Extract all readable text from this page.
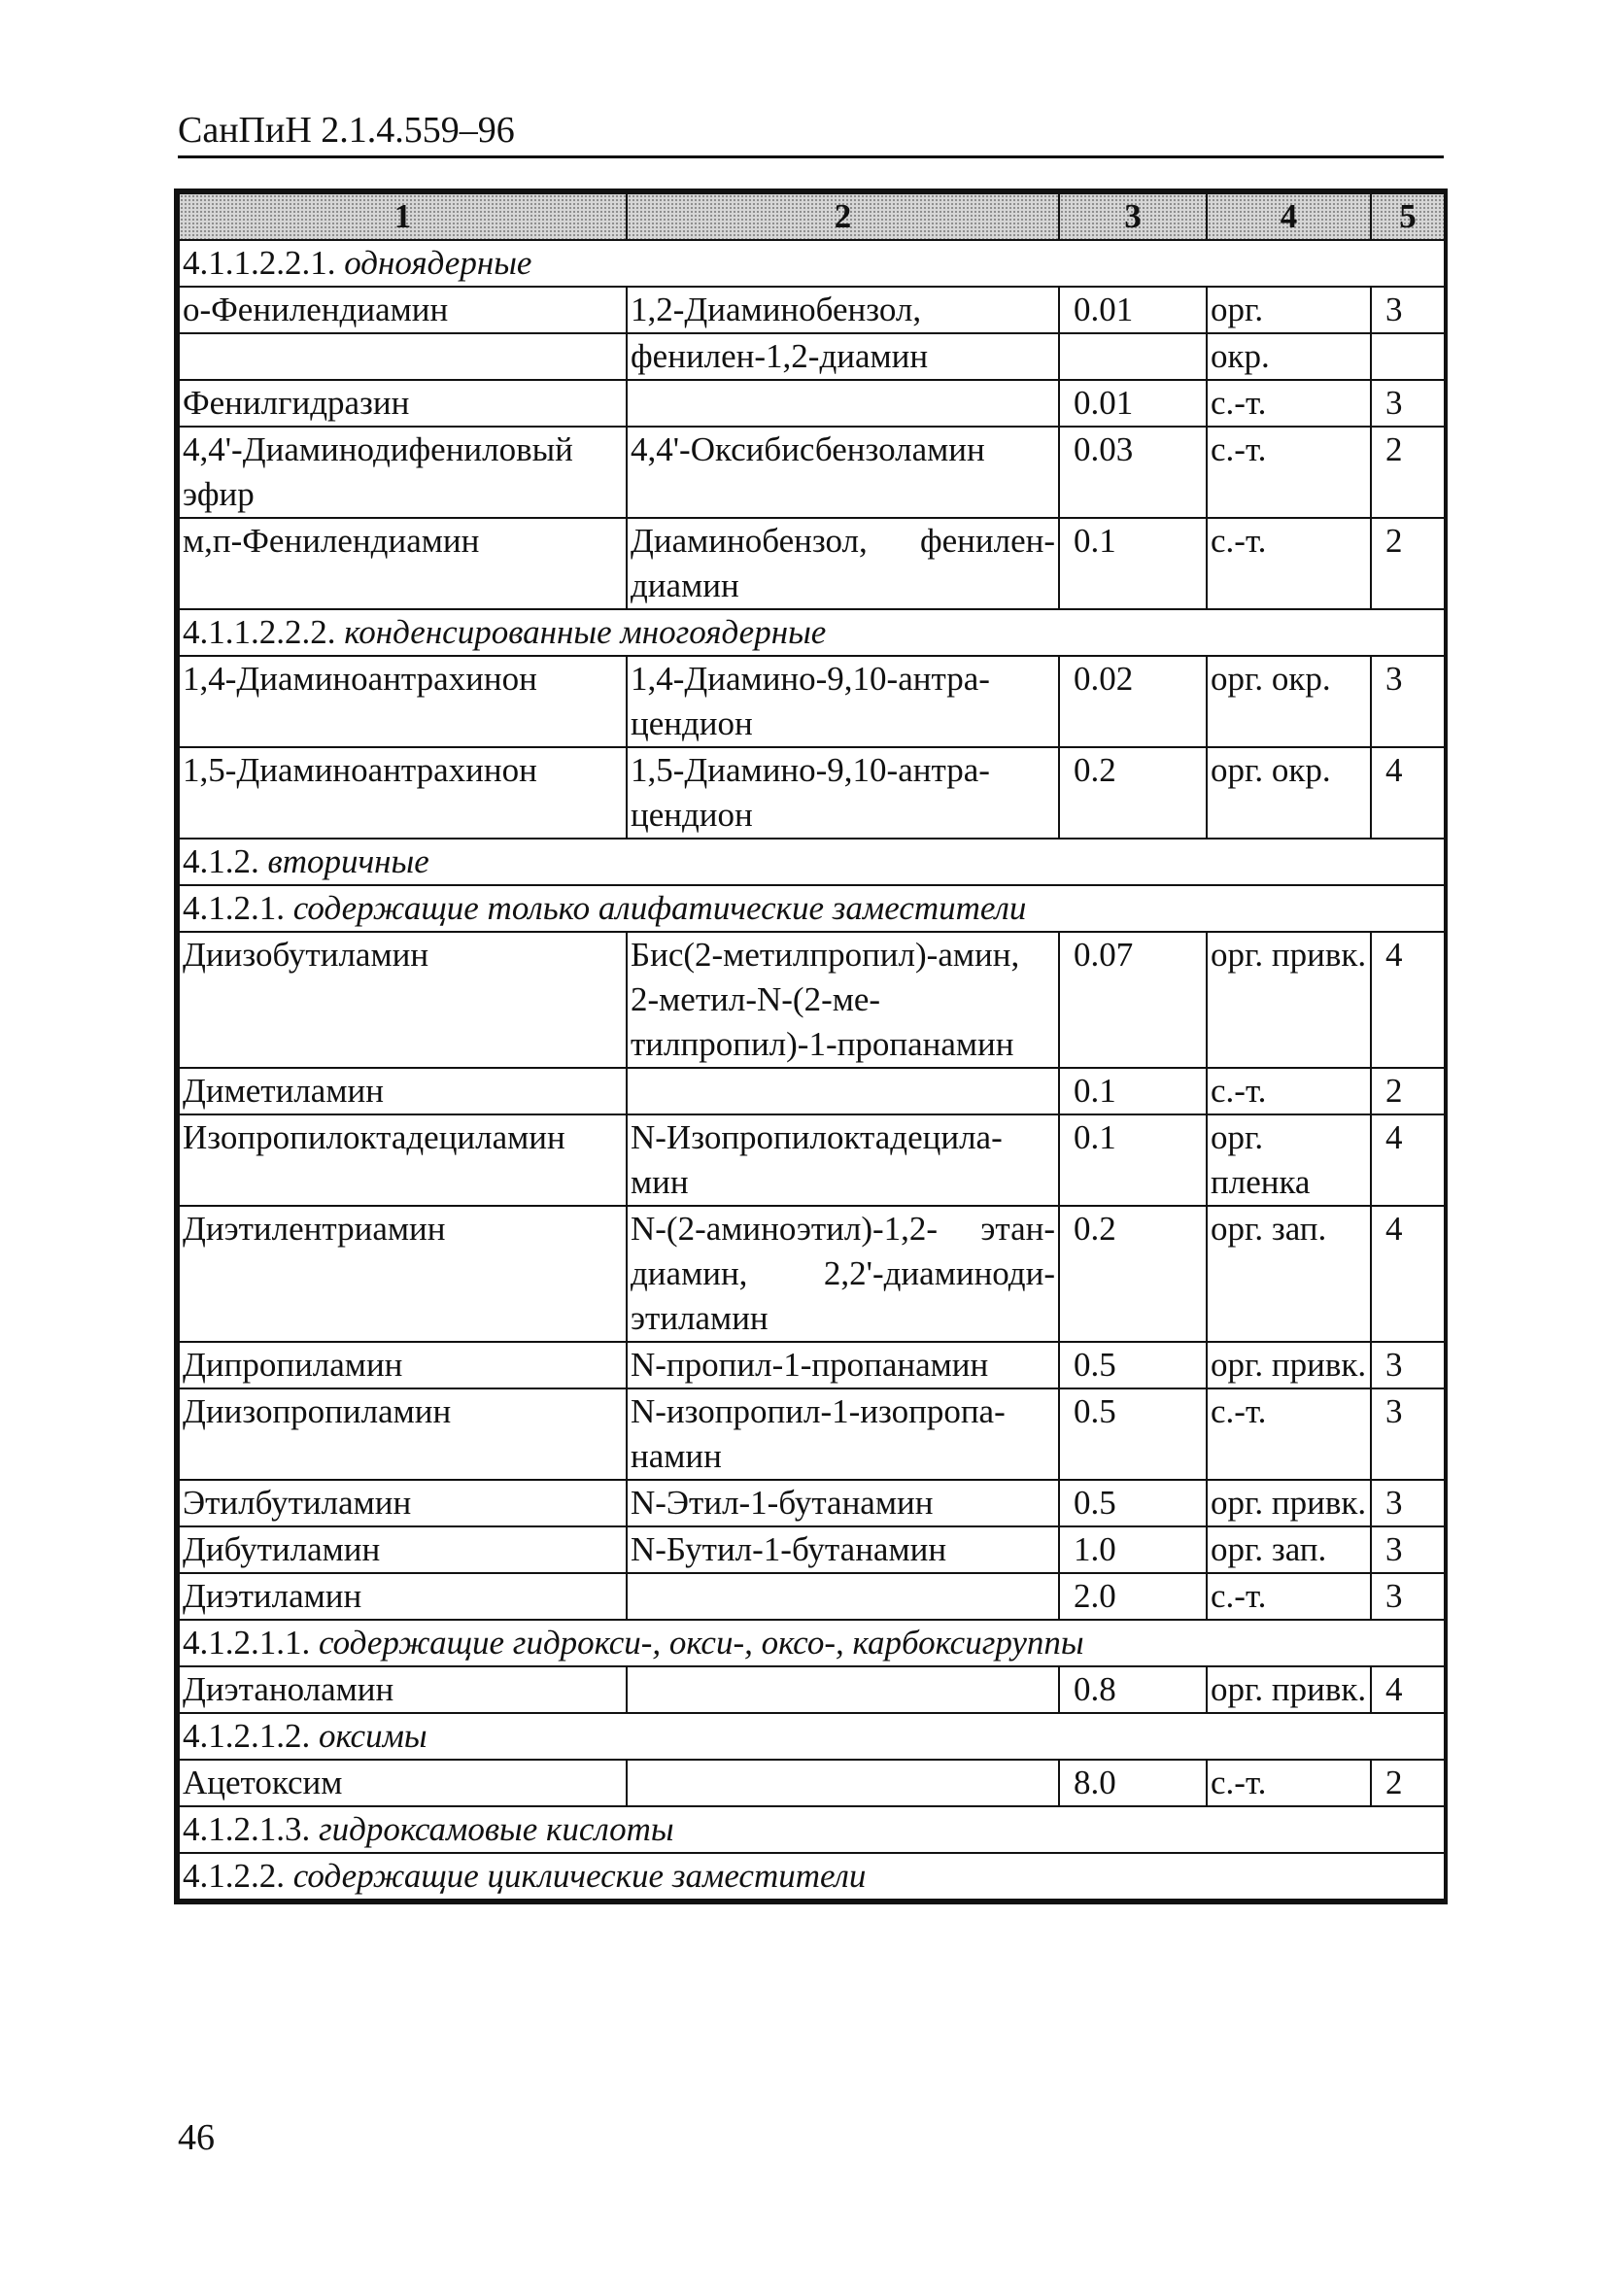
СанПиН 2.1.4.559–96
1	2	3	4	5
4.1.1.2.2.1. одноядерные				
о-Фенилендиамин	1,2-Диаминобензол,	0.01	орг.	3
	фенилен-1,2-диамин		окр.	
Фенилгидразин		0.01	с.-т.	3
4,4'-Диаминодифениловый эфир	4,4'-Оксибисбензоламин	0.03	с.-т.	2
м,п-Фенилендиамин	Диаминобензол, фенилен-диамин	0.1	с.-т.	2
4.1.1.2.2.2. конденсированные многоядерные				
1,4-Диаминоантрахинон	1,4-Диамино-9,10-антра-цендион	0.02	орг. окр.	3
1,5-Диаминоантрахинон	1,5-Диамино-9,10-антра-цендион	0.2	орг. окр.	4
4.1.2. вторичные				
4.1.2.1. содержащие только алифатические заместители				
Диизобутиламин	Бис(2-метилпропил)-амин, 2-метил-N-(2-ме-тилпропил)-1-пропанамин	0.07	орг. привк.	4
Диметиламин		0.1	с.-т.	2
Изопропилоктадециламин	N-Изопропилоктадецила-мин	0.1	орг. пленка	4
Диэтилентриамин	N-(2-аминоэтил)-1,2- этан-диамин, 2,2'-диаминоди-этиламин	0.2	орг. зап.	4
Дипропиламин	N-пропил-1-пропанамин	0.5	орг. привк.	3
Диизопропиламин	N-изопропил-1-изопропа-намин	0.5	с.-т.	3
Этилбутиламин	N-Этил-1-бутанамин	0.5	орг. привк.	3
Дибутиламин	N-Бутил-1-бутанамин	1.0	орг. зап.	3
Диэтиламин		2.0	с.-т.	3
4.1.2.1.1. содержащие гидрокси-, окси-, оксо-, карбоксигруппы				
Диэтаноламин		0.8	орг. привк.	4
4.1.2.1.2. оксимы				
Ацетоксим		8.0	с.-т.	2
4.1.2.1.3. гидроксамовые кислоты				
4.1.2.2. содержащие циклические заместители				
46
